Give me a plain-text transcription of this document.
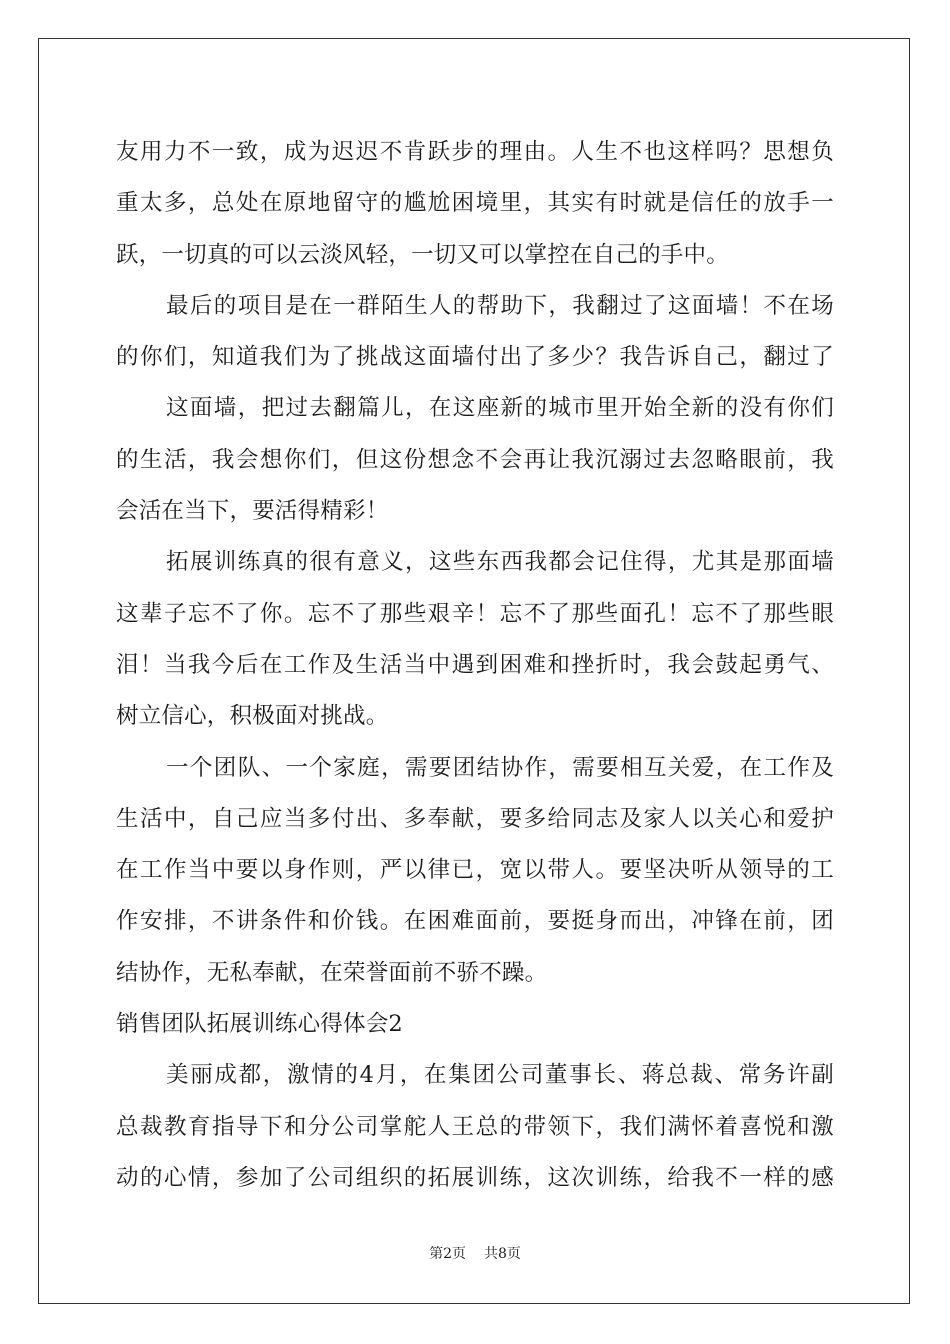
友用力不一致，成为迟迟不肯跃步的理由。人生不也这样吗？思想负
重太多，总处在原地留守的尴尬困境里，其实有时就是信任的放手一
跃，一切真的可以云淡风轻，一切又可以掌控在自己的手中。
最后的项目是在一群陌生人的帮助下，我翻过了这面墙！不在场
的你们，知道我们为了挑战这面墙付出了多少？我告诉自己，翻过了
这面墙，把过去翻篇儿，在这座新的城市里开始全新的没有你们
的生活，我会想你们，但这份想念不会再让我沉溺过去忽略眼前，我
会活在当下，要活得精彩！
拓展训练真的很有意义，这些东西我都会记住得，尤其是那面墙
这辈子忘不了你。忘不了那些艰辛！忘不了那些面孔！忘不了那些眼
泪！当我今后在工作及生活当中遇到困难和挫折时，我会鼓起勇气、
树立信心，积极面对挑战。
一个团队、一个家庭，需要团结协作，需要相互关爱，在工作及
生活中，自己应当多付出、多奉献，要多给同志及家人以关心和爱护
在工作当中要以身作则，严以律已，宽以带人。要坚决听从领导的工
作安排，不讲条件和价钱。在困难面前，要挺身而出，冲锋在前，团
结协作，无私奉献，在荣誉面前不骄不躁。
销售团队拓展训练心得体会2
美丽成都，激情的4月，在集团公司董事长、蒋总裁、常务许副
总裁教育指导下和分公司掌舵人王总的带领下，我们满怀着喜悦和激
动的心情，参加了公司组织的拓展训练，这次训练，给我不一样的感
第2页 共8页
